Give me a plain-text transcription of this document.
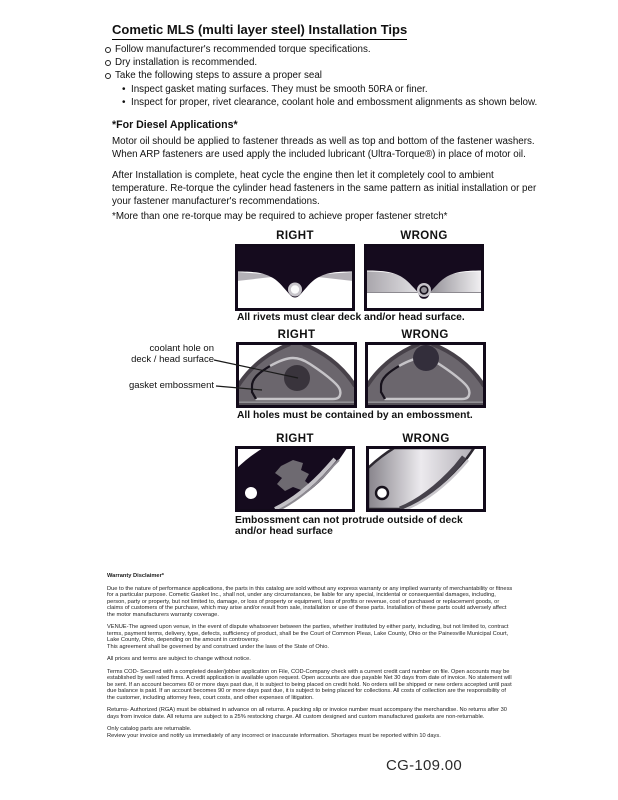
Cometic MLS (multi layer steel) Installation Tips
Follow manufacturer's recommended torque specifications.
Dry installation is recommended.
Take the following steps to assure a proper seal
• Inspect gasket mating surfaces. They must be smooth 50RA or finer.
• Inspect for proper, rivet clearance, coolant hole and embossment alignments as shown below.
*For Diesel Applications*
Motor oil should be applied to fastener threads as well as top and bottom of the fastener washers. When ARP fasteners are used apply the included lubricant (Ultra-Torque®) in place of motor oil.
After Installation is complete, heat cycle the engine then let it completely cool to ambient temperature. Re-torque the cylinder head fasteners in the same pattern as initial installation or per your fastener manufacturer's recommendations.
*More than one re-torque may be required to achieve proper fastener stretch*
RIGHT	WRONG
All rivets must clear deck and/or head surface.
RIGHT	WRONG
coolant hole on
deck / head surface
gasket embossment
All holes must be contained by an embossment.
RIGHT	WRONG
Embossment can not protrude outside of deck
and/or head surface

Warranty Disclaimer*

Due to the nature of performance applications, the parts in this catalog are sold without any express warranty or any implied warranty of merchantability or fitness for a particular purpose. Cometic Gasket Inc., shall not, under any circumstances, be liable for any special, incidental or consequential damages, including, person, party or property, but not limited to, damage, or loss of property or equipment, loss of profits or revenue, cost of purchased or replacement goods, or claims of customers of the purchase, which may arise and/or result from sale, installation or use of these parts. Installation of these parts could adversely affect the motor manufacturers warranty coverage.

VENUE-The agreed upon venue, in the event of dispute whatsoever between the parties, whether instituted by either party, including, but not limited to, contract terms, payment terms, delivery, type, defects, sufficiency of product, shall be the Court of Common Pleas, Lake County, Ohio or the Painesville Municipal Court, Lake County, Ohio, depending on the amount in controversy.

This agreement shall be governed by and construed under the laws of the State of Ohio.

All prices and terms are subject to change without notice.

Terms COD- Secured with a completed dealer/jobber application on File, COD-Company check with a current credit card number on file. Open accounts may be established by well rated firms. A credit application is available upon request. Open accounts are due payable Net 30 days from date of invoice. No statement will be sent. If an account becomes 60 or more days past due, it is subject to being placed on credit hold. No orders will be shipped or new orders accepted until past due balance is paid. If an account becomes 90 or more days past due, it is subject to being placed for collections. All costs of collection are the responsibility of the customer, including attorney fees, court costs, and other expenses of litigation.

Returns- Authorized (RGA) must be obtained in advance on all returns. A packing slip or invoice number must accompany the merchandise. No returns after 30 days from invoice date. All returns are subject to a 25% restocking charge. All custom designed and custom manufactured gaskets are non-returnable.

Only catalog parts are returnable.

Review your invoice and notify us immediately of any incorrect or inaccurate information. Shortages must be reported within 10 days.

CG-109.00
